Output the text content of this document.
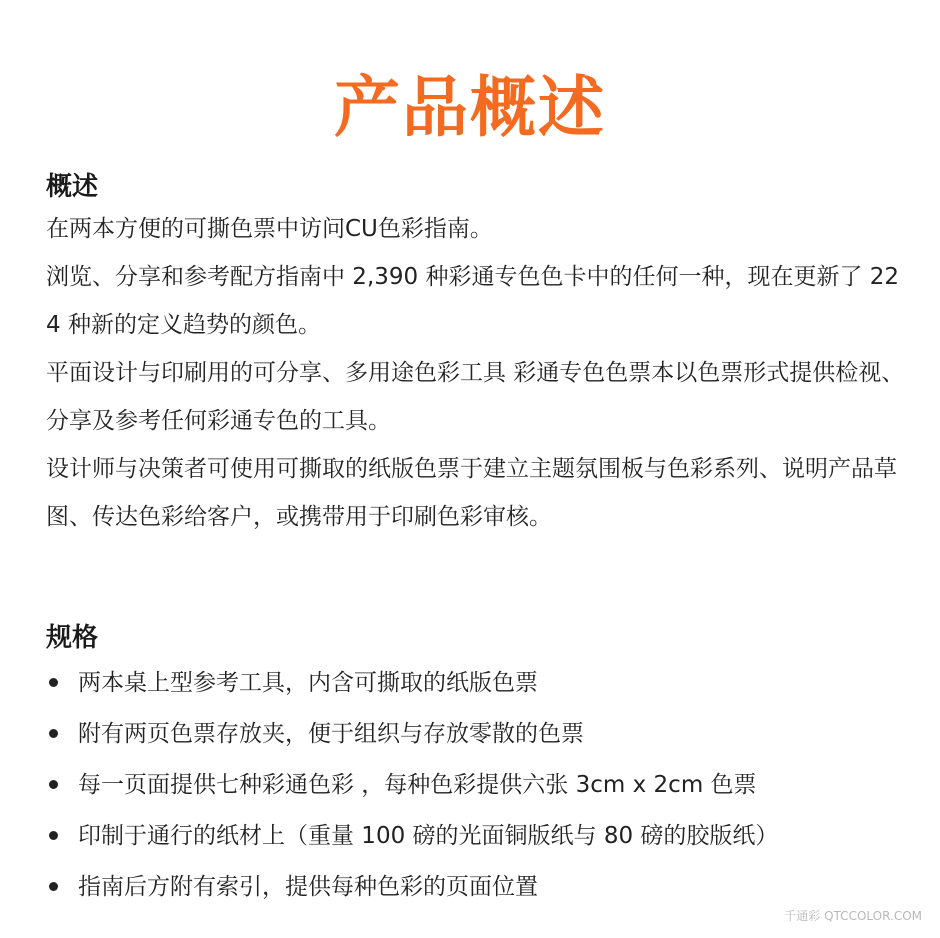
产品概述
概述

在两本方便的可撕色票中访问CU色彩指南。

浏览、分享和参考配方指南中 2,390 种彩通专色色卡中的任何一种，现在更新了 224 种新的定义趋势的颜色。

平面设计与印刷用的可分享、多用途色彩工具 彩通专色色票本以色票形式提供检视、分享及参考任何彩通专色的工具。

设计师与决策者可使用可撕取的纸版色票于建立主题氛围板与色彩系列、说明产品草图、传达色彩给客户，或携带用于印刷色彩审核。

规格
两本桌上型参考工具，内含可撕取的纸版色票
附有两页色票存放夹，便于组织与存放零散的色票
每一页面提供七种彩通色彩 ，每种色彩提供六张 3cm x 2cm 色票
印制于通行的纸材上（重量 100 磅的光面铜版纸与 80 磅的胶版纸）
指南后方附有索引，提供每种色彩的页面位置
千通彩 QTCCOLOR.COM
